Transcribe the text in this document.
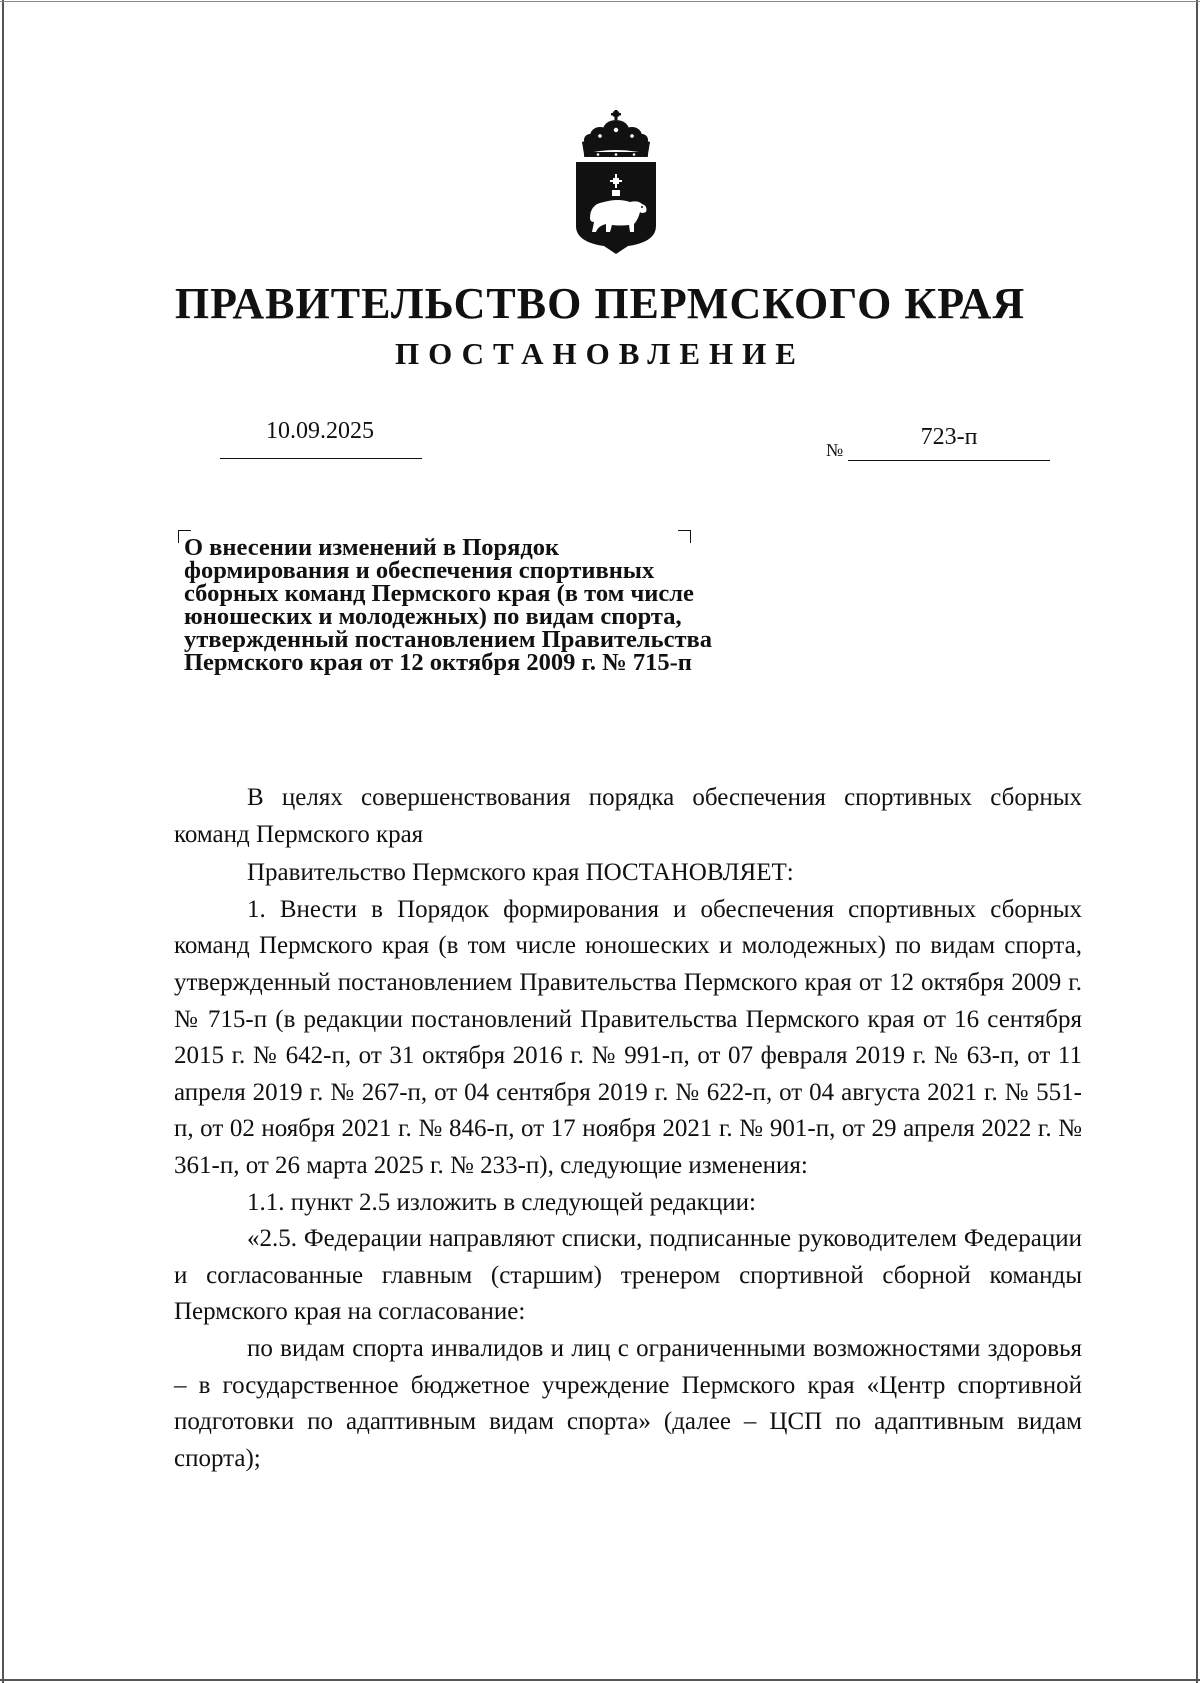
ПРАВИТЕЛЬСТВО ПЕРМСКОГО КРАЯ
ПОСТАНОВЛЕНИЕ
10.09.2025
№	723-п
О внесении изменений в Порядок
формирования и обеспечения спортивных
сборных команд Пермского края (в том числе
юношеских и молодежных) по видам спорта,
утвержденный постановлением Правительства
Пермского края от 12 октября 2009 г. № 715-п

В целях совершенствования порядка обеспечения спортивных сборных команд Пермского края

Правительство Пермского края ПОСТАНОВЛЯЕТ:

1. Внести в Порядок формирования и обеспечения спортивных сборных команд Пермского края (в том числе юношеских и молодежных) по видам спорта, утвержденный постановлением Правительства Пермского края от 12 октября 2009 г. № 715-п (в редакции постановлений Правительства Пермского края от 16 сентября 2015 г. № 642-п, от 31 октября 2016 г. № 991-п, от 07 февраля 2019 г. № 63-п, от 11 апреля 2019 г. № 267-п, от 04 сентября 2019 г. № 622-п, от 04 августа 2021 г. № 551-п, от 02 ноября 2021 г. № 846-п, от 17 ноября 2021 г. № 901-п, от 29 апреля 2022 г. № 361-п, от 26 марта 2025 г. № 233-п), следующие изменения:

1.1. пункт 2.5 изложить в следующей редакции:

«2.5. Федерации направляют списки, подписанные руководителем Федерации и согласованные главным (старшим) тренером спортивной сборной команды Пермского края на согласование:

по видам спорта инвалидов и лиц с ограниченными возможностями здоровья – в государственное бюджетное учреждение Пермского края «Центр спортивной подготовки по адаптивным видам спорта» (далее – ЦСП по адаптивным видам спорта);
